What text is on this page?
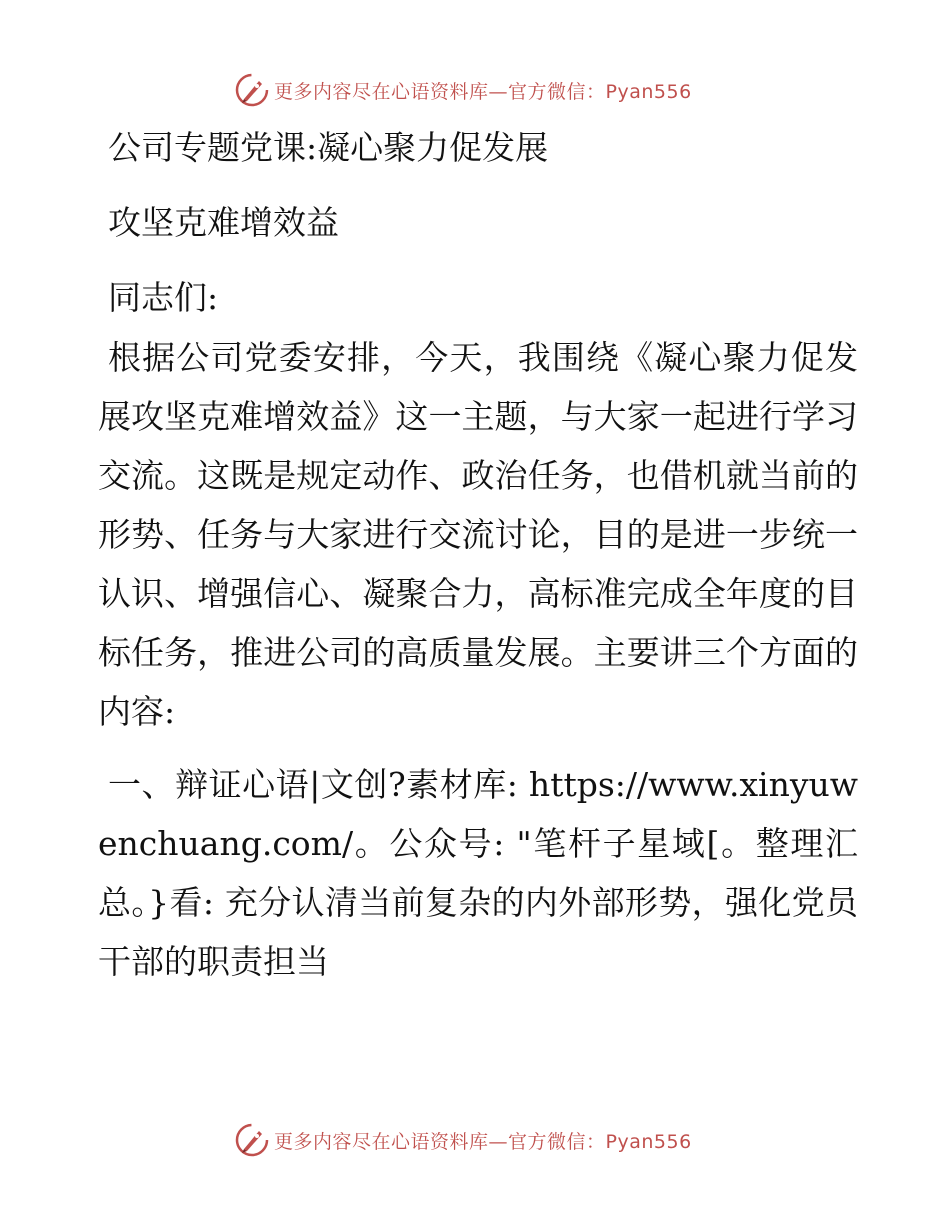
更多内容尽在心语资料库—官方微信：Pyan556

公司专题党课:凝心聚力促发展

攻坚克难增效益

同志们:

根据公司党委安排，今天，我围绕《凝心聚力促发展攻坚克难增效益》这一主题，与大家一起进行学习交流。这既是规定动作、政治任务，也借机就当前的形势、任务与大家进行交流讨论，目的是进一步统一认识、增强信心、凝聚合力，高标准完成全年度的目标任务，推进公司的高质量发展。主要讲三个方面的内容:

一、辩证心语|文创?素材库: https://www.xinyuwenchuang.com/。公众号: "笔杆子星域[。整理汇总。}看: 充分认清当前复杂的内外部形势，强化党员干部的职责担当

更多内容尽在心语资料库—官方微信：Pyan556
